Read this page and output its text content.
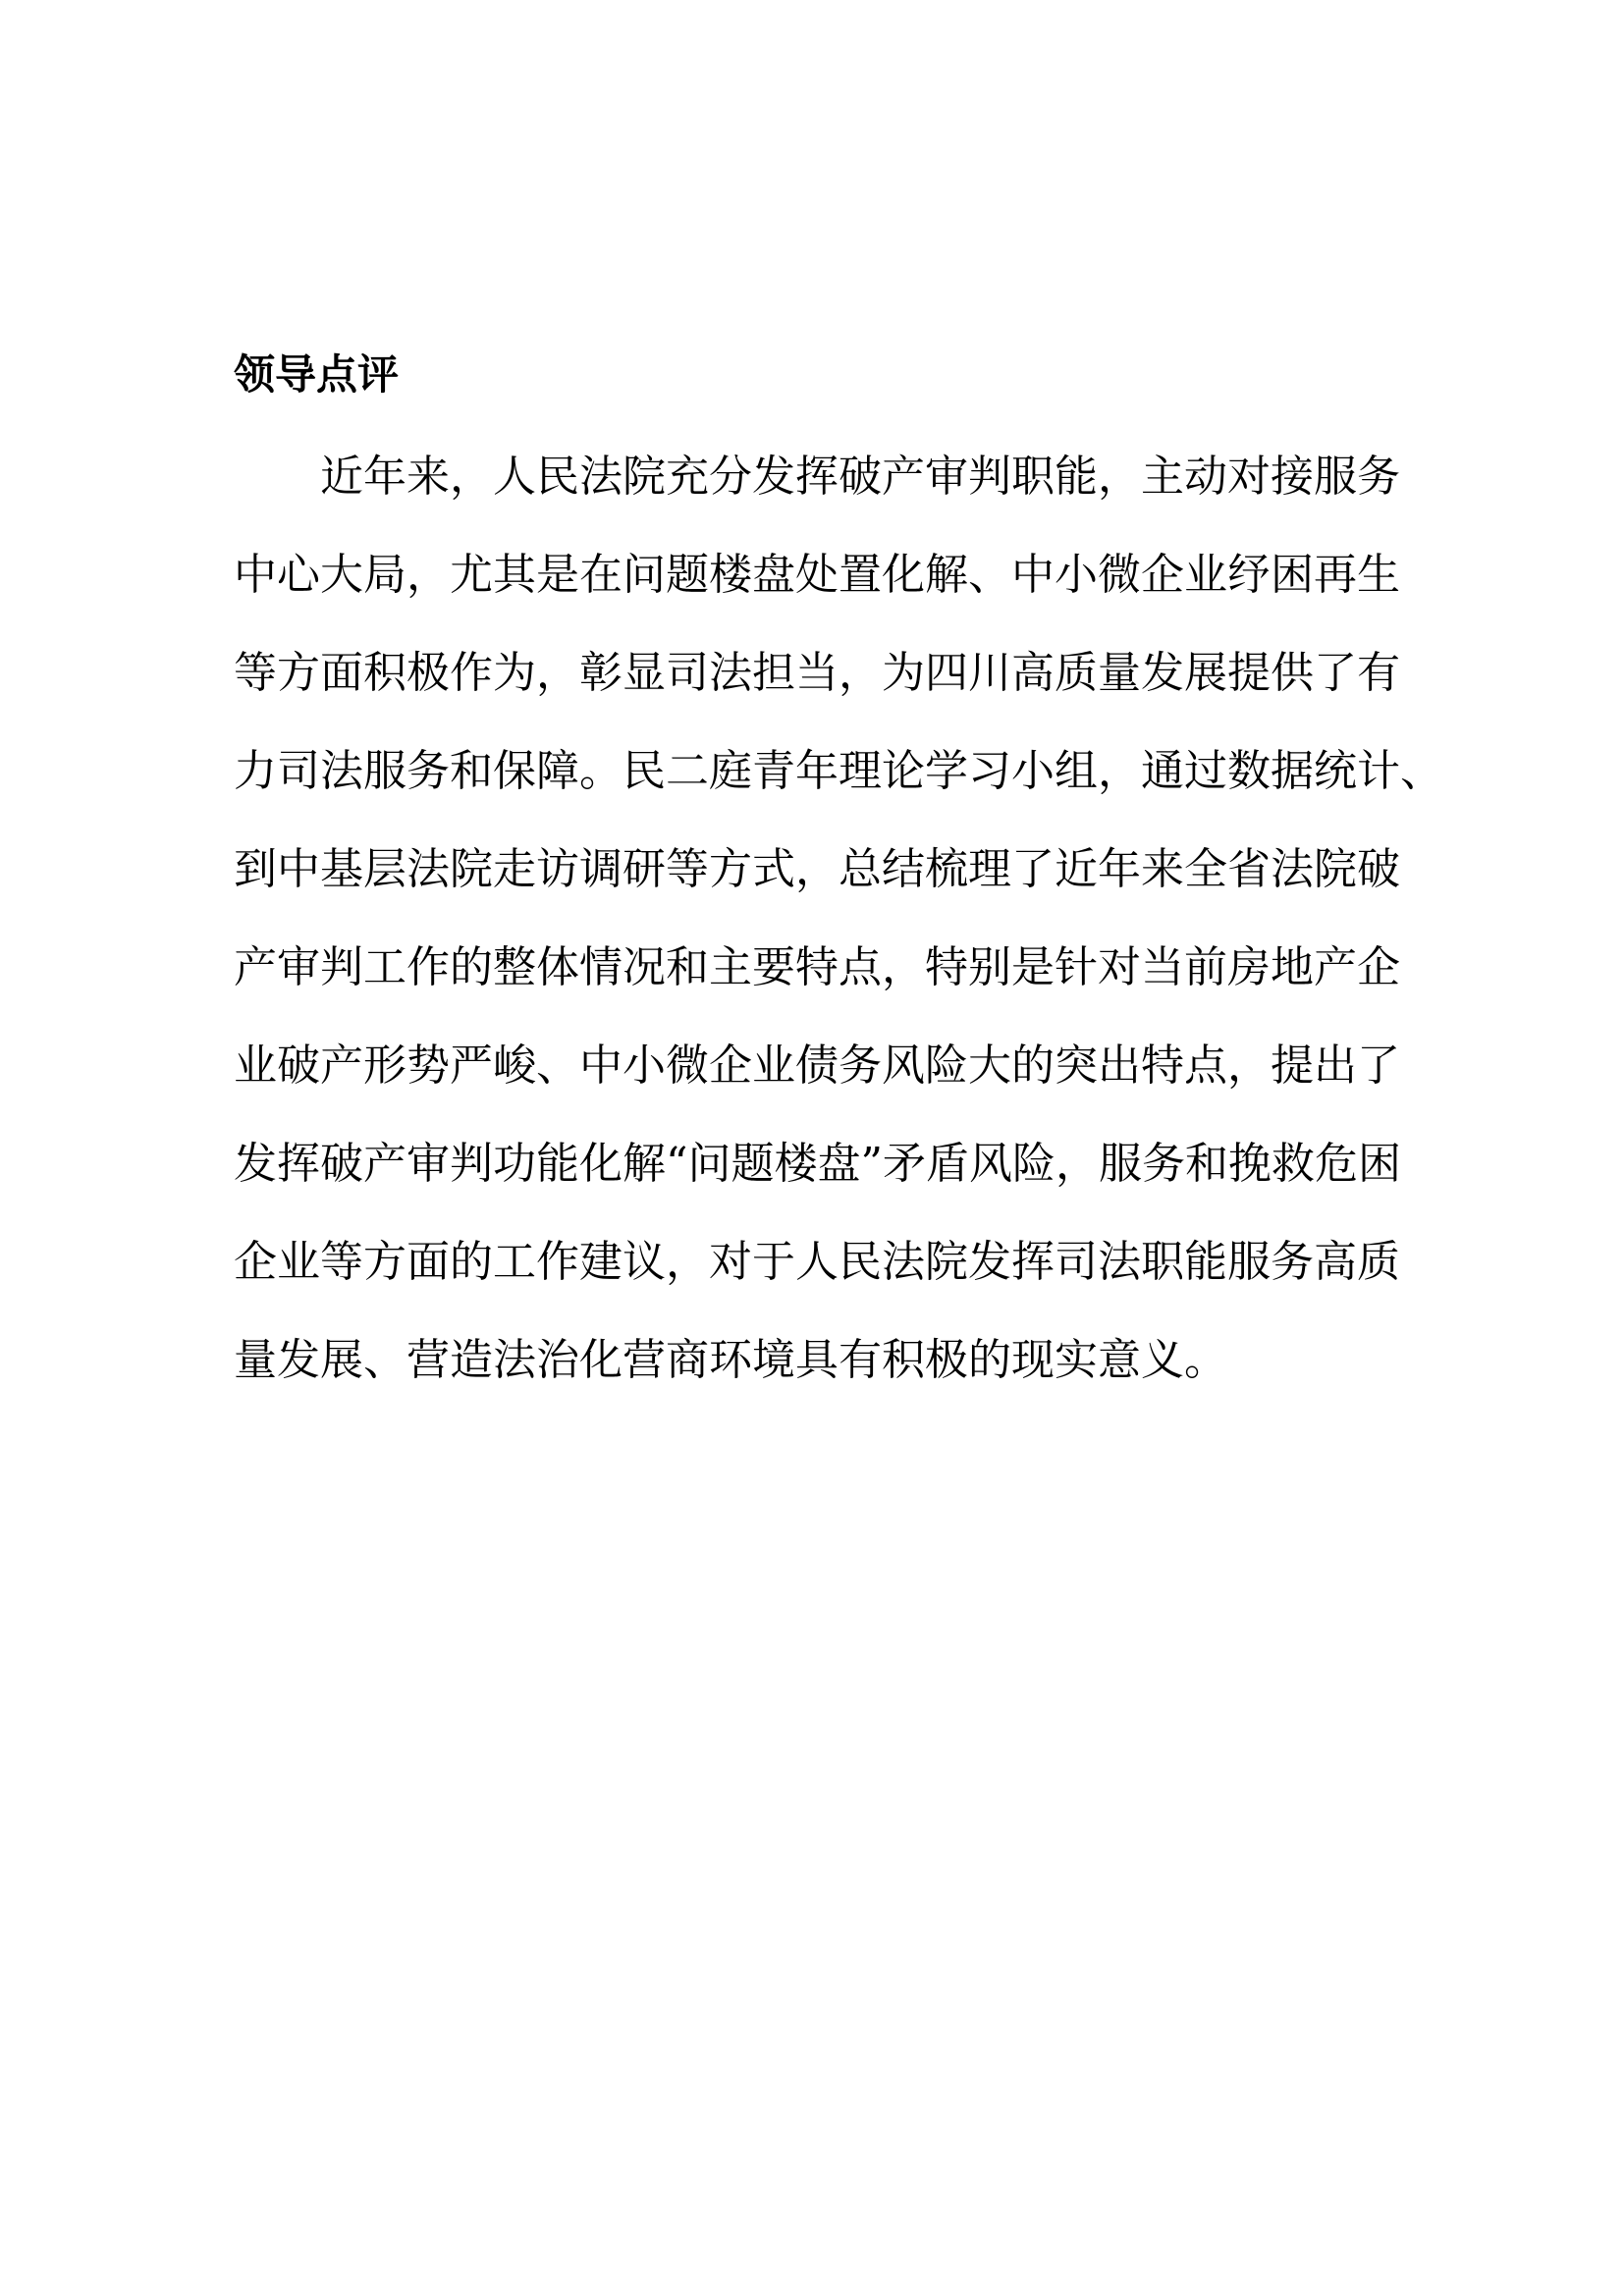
领导点评
近年来，人民法院充分发挥破产审判职能，主动对接服务
中心大局，尤其是在问题楼盘处置化解、中小微企业纾困再生
等方面积极作为，彰显司法担当，为四川高质量发展提供了有
力司法服务和保障。民二庭青年理论学习小组，通过数据统计、
到中基层法院走访调研等方式，总结梳理了近年来全省法院破
产审判工作的整体情况和主要特点，特别是针对当前房地产企
业破产形势严峻、中小微企业债务风险大的突出特点，提出了
发挥破产审判功能化解“问题楼盘”矛盾风险，服务和挽救危困
企业等方面的工作建议，对于人民法院发挥司法职能服务高质
量发展、营造法治化营商环境具有积极的现实意义。
